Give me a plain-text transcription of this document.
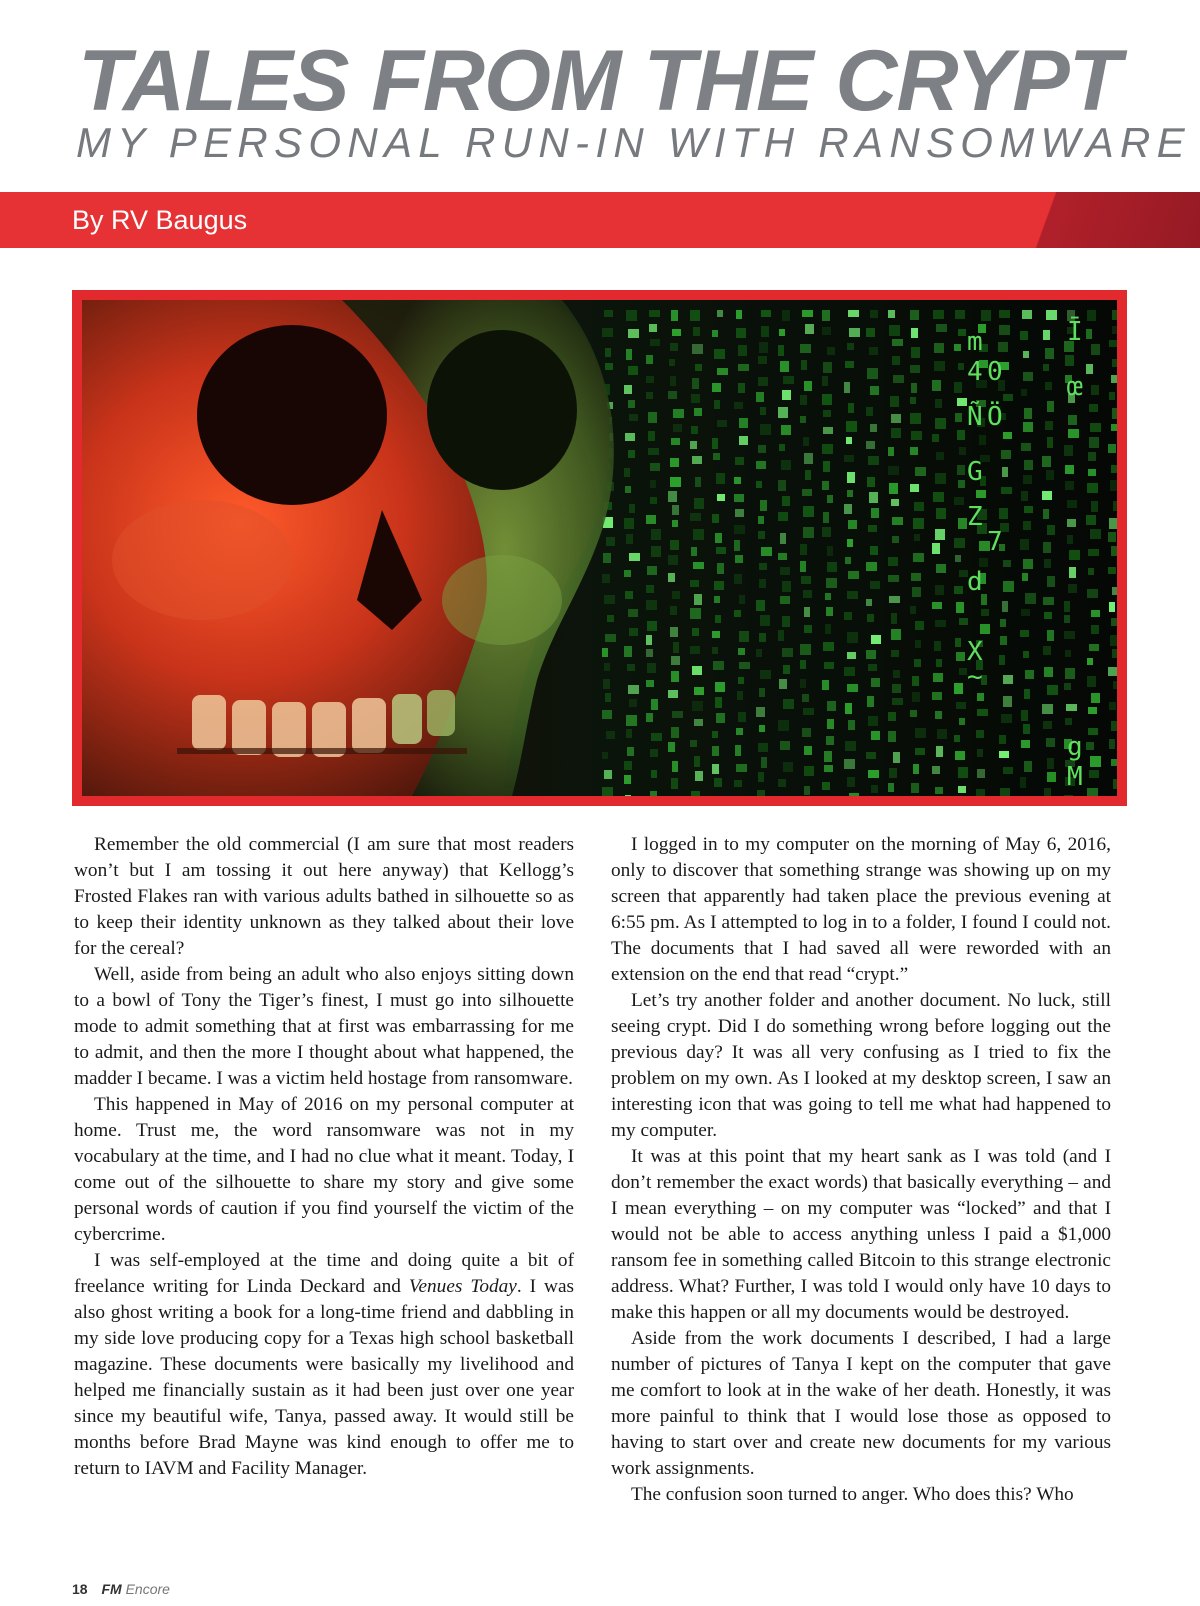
TALES FROM THE CRYPT
MY PERSONAL RUN-IN WITH RANSOMWARE
By RV Baugus
m
4
Ñ Ö
G
Z
7
d
X
~
g
M
Ī
œ
0

Remember the old commercial (I am sure that most readers won’t but I am tossing it out here anyway) that Kellogg’s Frosted Flakes ran with various adults bathed in silhouette so as to keep their identity unknown as they talked about their love for the cereal?

Well, aside from being an adult who also enjoys sitting down to a bowl of Tony the Tiger’s finest, I must go into silhouette mode to admit something that at first was embarrassing for me to admit, and then the more I thought about what happened, the madder I became. I was a victim held hostage from ransomware.

This happened in May of 2016 on my personal computer at home. Trust me, the word ransomware was not in my vocabulary at the time, and I had no clue what it meant. Today, I come out of the silhouette to share my story and give some personal words of caution if you find yourself the victim of the cybercrime.

I was self-employed at the time and doing quite a bit of freelance writing for Linda Deckard and Venues Today. I was also ghost writing a book for a long-time friend and dabbling in my side love producing copy for a Texas high school basketball magazine. These documents were basically my livelihood and helped me financially sustain as it had been just over one year since my beautiful wife, Tanya, passed away. It would still be months before Brad Mayne was kind enough to offer me to return to IAVM and Facility Manager.

I logged in to my computer on the morning of May 6, 2016, only to discover that something strange was showing up on my screen that apparently had taken place the previous evening at 6:55 pm. As I attempted to log in to a folder, I found I could not. The documents that I had saved all were reworded with an extension on the end that read “crypt.”

Let’s try another folder and another document. No luck, still seeing crypt. Did I do something wrong before logging out the previous day? It was all very confusing as I tried to fix the problem on my own. As I looked at my desktop screen, I saw an interesting icon that was going to tell me what had happened to my computer.

It was at this point that my heart sank as I was told (and I don’t remember the exact words) that basically everything – and I mean everything – on my computer was “locked” and that I would not be able to access anything unless I paid a $1,000 ransom fee in something called Bitcoin to this strange electronic address. What? Further, I was told I would only have 10 days to make this happen or all my documents would be destroyed.

Aside from the work documents I described, I had a large number of pictures of Tanya I kept on the computer that gave me comfort to look at in the wake of her death. Honestly, it was more painful to think that I would lose those as opposed to having to start over and create new documents for my various work assignments.

The confusion soon turned to anger. Who does this? Who

18 FM Encore
